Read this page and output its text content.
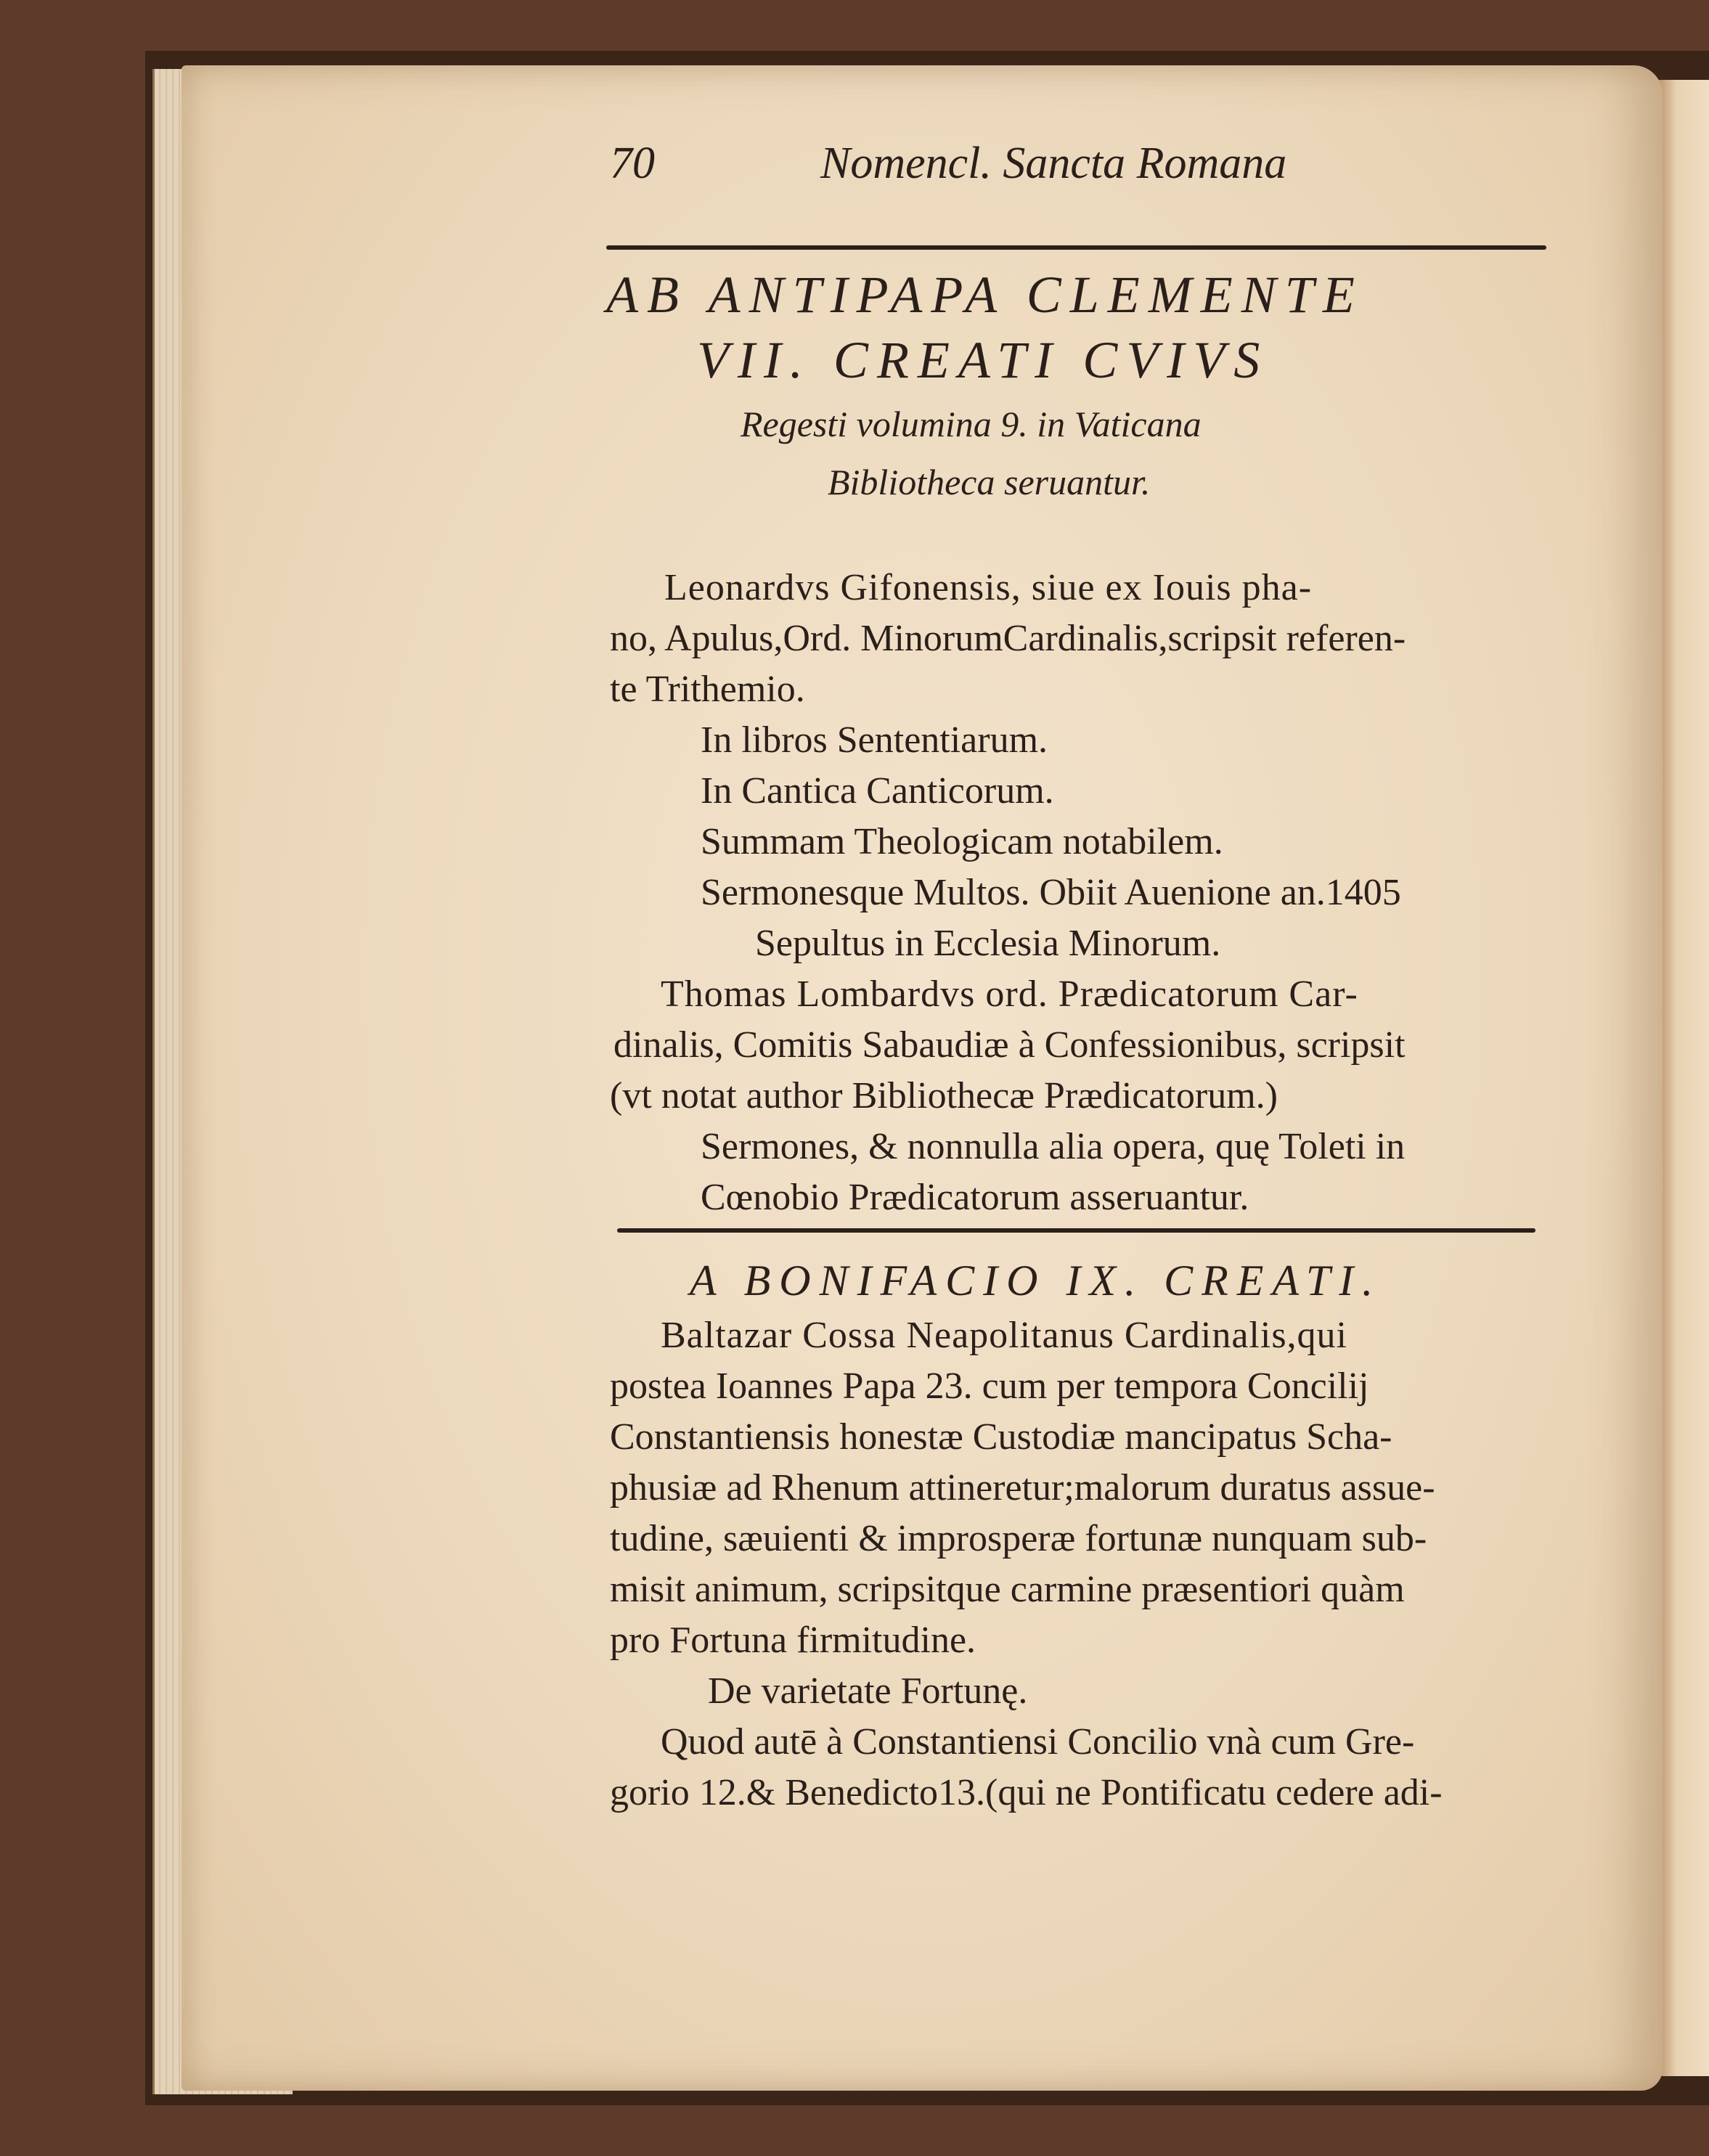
70	Nomencl. Sancta Romana
AB ANTIPAPA CLEMENTE
VII. CREATI CVIVS
Regesti volumina 9. in Vaticana
Bibliotheca seruantur.
Leonardvs Gifonensis, siue ex Iouis pha-
no, Apulus,Ord. MinorumCardinalis,scripsit referen-
te Trithemio.
In libros Sententiarum.
In Cantica Canticorum.
Summam Theologicam notabilem.
Sermonesque Multos. Obiit Auenione an.1405
Sepultus in Ecclesia Minorum.
Thomas Lombardvs ord. Prædicatorum Car-
dinalis, Comitis Sabaudiæ à Confessionibus, scripsit
(vt notat author Bibliothecæ Prædicatorum.)
Sermones, & nonnulla alia opera, quę Toleti in
Cœnobio Prædicatorum asseruantur.
A BONIFACIO IX. CREATI.
Baltazar Cossa Neapolitanus Cardinalis,qui
postea Ioannes Papa 23. cum per tempora Concilij
Constantiensis honestæ Custodiæ mancipatus Scha-
phusiæ ad Rhenum attineretur;malorum duratus assue-
tudine, sæuienti & improsperæ fortunæ nunquam sub-
misit animum, scripsitque carmine præsentiori quàm
pro Fortuna firmitudine.
De varietate Fortunę.
Quod autē à Constantiensi Concilio vnà cum Gre-
gorio 12.& Benedicto13.(qui ne Pontificatu cedere adi-
